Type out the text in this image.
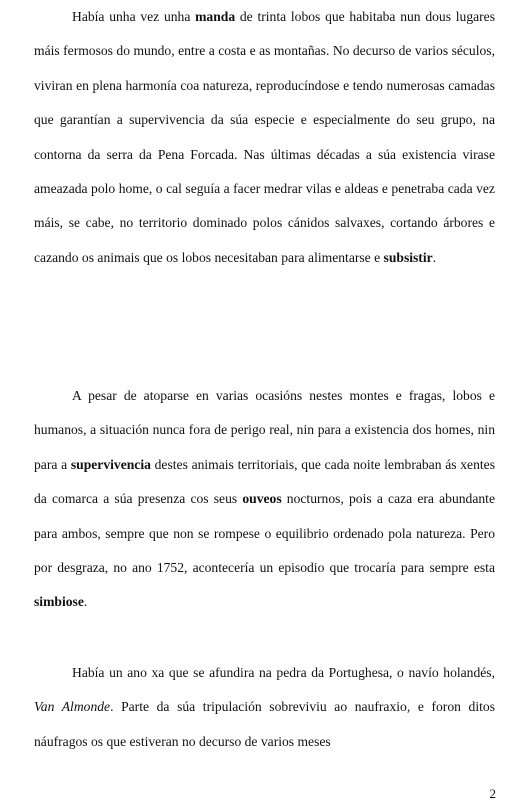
Había unha vez unha manda de trinta lobos que habitaba nun dous lugares máis fermosos do mundo, entre a costa e as montañas. No decurso de varios séculos, viviran en plena harmonía coa natureza, reproducíndose e tendo numerosas camadas que garantían a supervivencia da súa especie e especialmente do seu grupo, na contorna da serra da Pena Forcada. Nas últimas décadas a súa existencia virase ameazada polo home, o cal seguía a facer medrar vilas e aldeas e penetraba cada vez máis, se cabe, no territorio dominado polos cánidos salvaxes, cortando árbores e cazando os animais que os lobos necesitaban para alimentarse e subsistir.

A pesar de atoparse en varias ocasións nestes montes e fragas, lobos e humanos, a situación nunca fora de perigo real, nin para a existencia dos homes, nin para a supervivencia destes animais territoriais, que cada noite lembraban ás xentes da comarca a súa presenza cos seus ouveos nocturnos, pois a caza era abundante para ambos, sempre que non se rompese o equilibrio ordenado pola natureza. Pero por desgraza, no ano 1752, acontecería un episodio que trocaría para sempre esta simbiose.

Había un ano xa que se afundira na pedra da Portughesa, o navío holandés, Van Almonde. Parte da súa tripulación sobreviviu ao naufraxio, e foron ditos náufragos os que estiveran no decurso de varios meses

2
